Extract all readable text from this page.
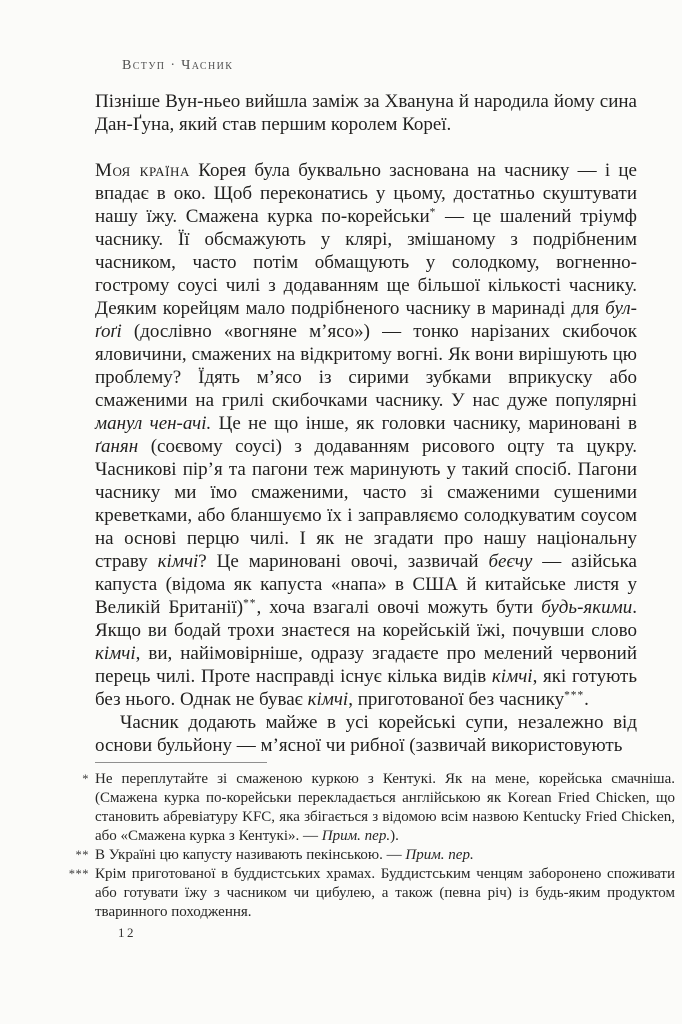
Вступ · Часник
Пізніше Вун-ньео вийшла заміж за Хвануна й народила йому сина Дан-Ґуна, який став першим королем Кореї.
Моя країна Корея була буквально заснована на часнику — і це впадає в око. Щоб переконатись у цьому, достатньо скуштувати нашу їжу. Смажена курка по-корейськи* — це шалений тріумф часнику. Її обсмажують у клярі, змішаному з подрібненим часником, часто потім обмащують у солодкому, вогненно-гострому соусі чилі з додаванням ще більшої кількості часнику. Деяким корейцям мало подрібненого часнику в маринаді для бул-ґоґі (дослівно «вогняне м’ясо») — тонко нарізаних скибочок яловичини, смажених на відкритому вогні. Як вони вирішують цю проблему? Їдять м’ясо із сирими зубками вприкуску або смаженими на грилі скибочками часнику. У нас дуже популярні манул чен-ачі. Це не що інше, як головки часнику, мариновані в ґанян (соєвому соусі) з додаванням рисового оцту та цукру. Часникові пір’я та пагони теж маринують у такий спосіб. Пагони часнику ми їмо смаженими, часто зі смаженими сушеними креветками, або бланшуємо їх і заправляємо солодкуватим соусом на основі перцю чилі. І як не згадати про нашу національну страву кімчі? Це мариновані овочі, зазвичай беєчу — азійська капуста (відома як капуста «напа» в США й китайське листя у Великій Британії)**, хоча взагалі овочі можуть бути будь-якими. Якщо ви бодай трохи знаєтеся на корейській їжі, почувши слово кімчі, ви, найімовірніше, одразу згадаєте про мелений червоний перець чилі. Проте насправді існує кілька видів кімчі, які готують без нього. Однак не буває кімчі, приготованої без часнику***.
Часник додають майже в усі корейські супи, незалежно від основи бульйону — м’ясної чи рибної (зазвичай використовують
* Не переплутайте зі смаженою куркою з Кентукі. Як на мене, корейська смачніша. (Смажена курка по-корейськи перекладається англійською як Korean Fried Chicken, що становить абревіатуру KFC, яка збігається з відомою всім назвою Kentucky Fried Chicken, або «Смажена курка з Кентукі». — Прим. пер.).
** В Україні цю капусту називають пекінською. — Прим. пер.
*** Крім приготованої в буддистських храмах. Буддистським ченцям заборонено споживати або готувати їжу з часником чи цибулею, а також (певна річ) із будь-яким продуктом тваринного походження.
12
